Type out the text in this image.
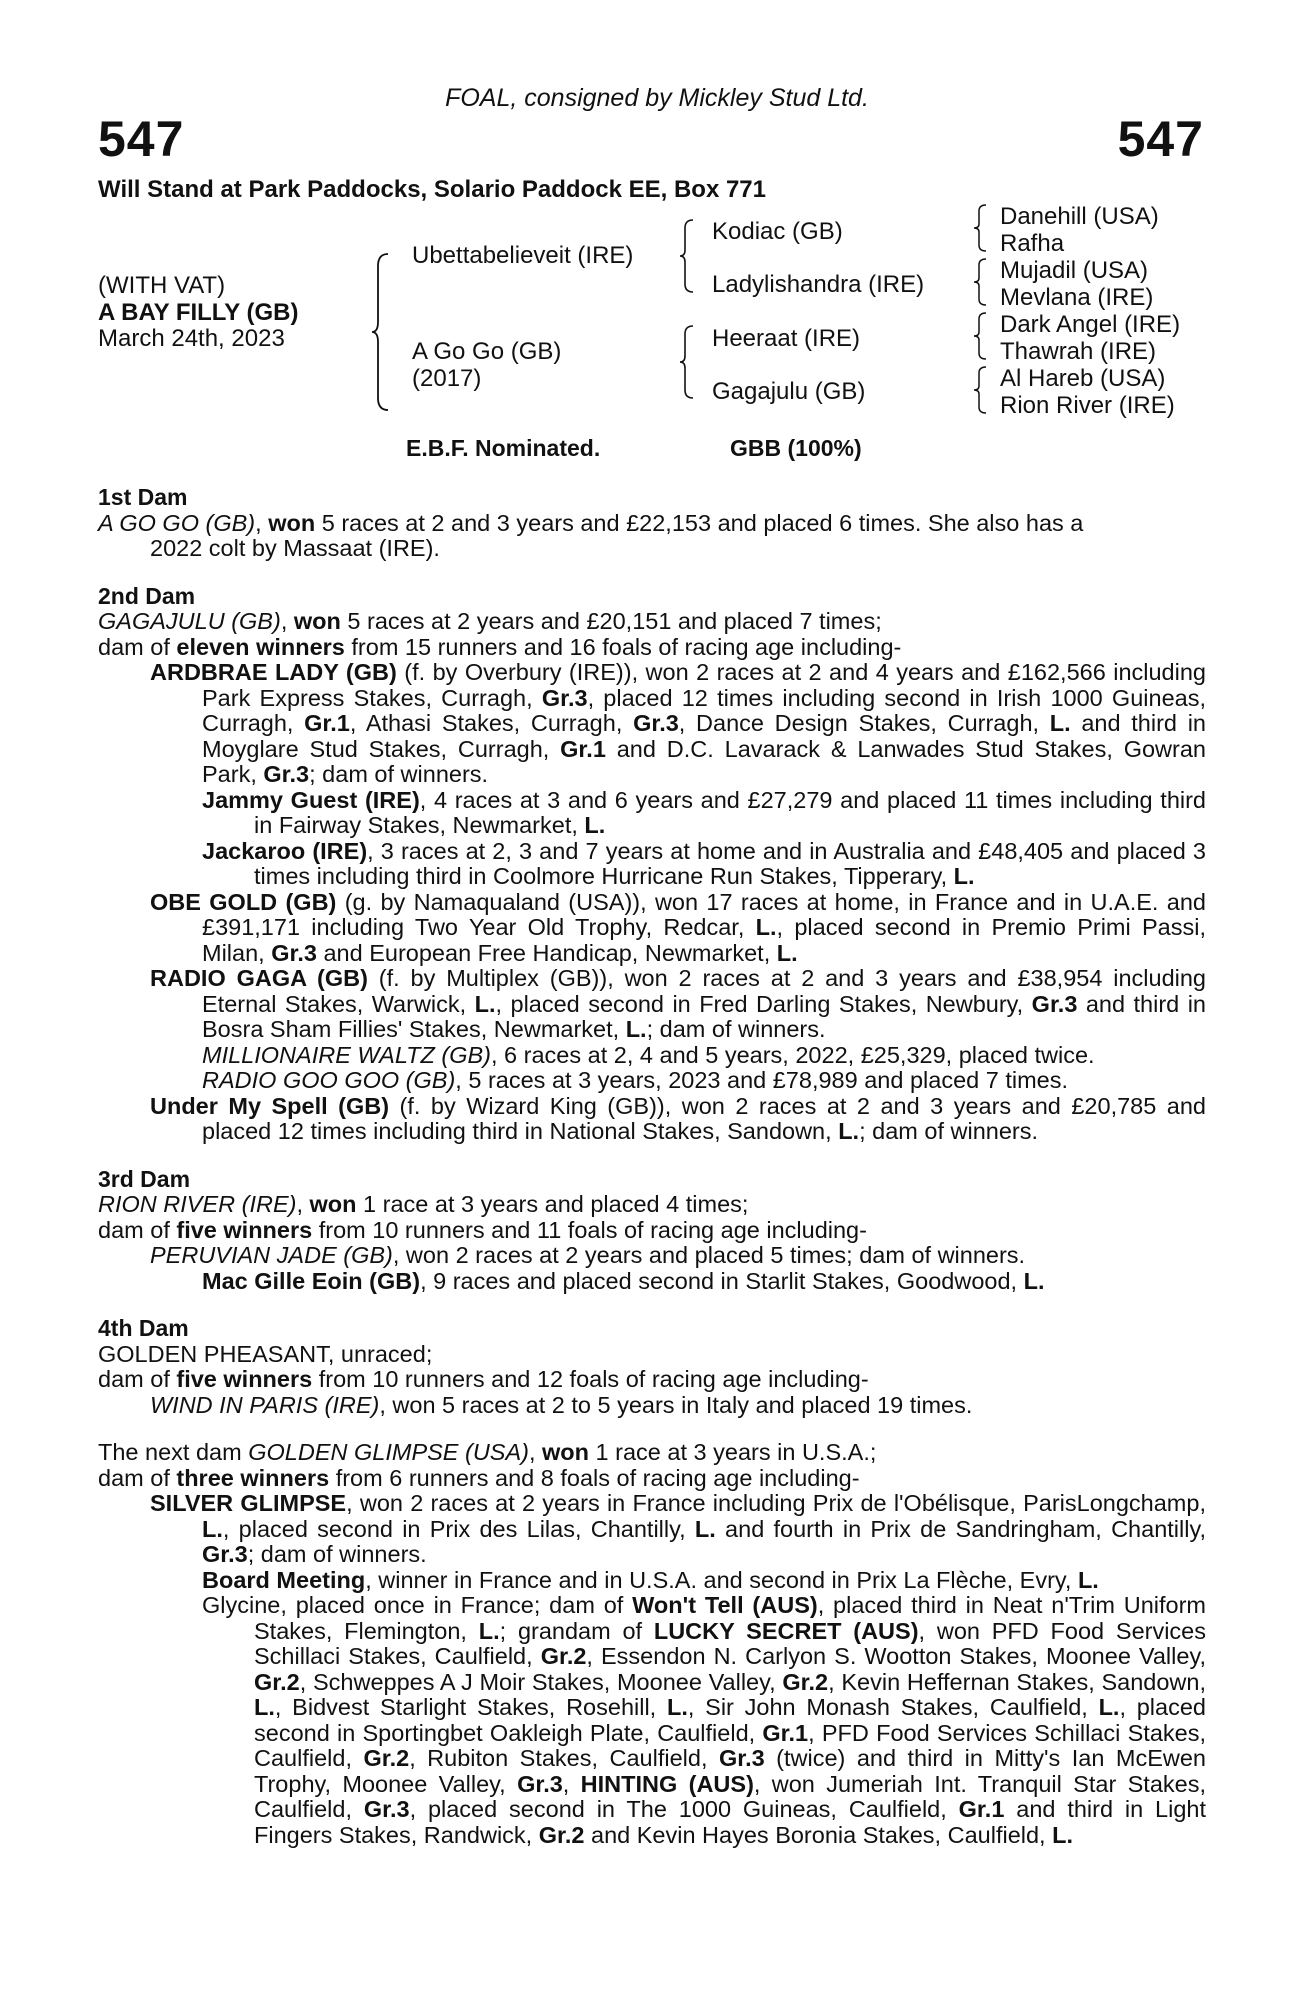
FOAL, consigned by Mickley Stud Ltd.
547	547
Will Stand at Park Paddocks, Solario Paddock EE, Box 771
(WITH VAT)
A BAY FILLY (GB)
March 24th, 2023
Ubettabelieveit (IRE)
A Go Go (GB)
(2017)
Kodiac (GB)
Ladylishandra (IRE)
Heeraat (IRE)
Gagajulu (GB)
Danehill (USA)
Rafha
Mujadil (USA)
Mevlana (IRE)
Dark Angel (IRE)
Thawrah (IRE)
Al Hareb (USA)
Rion River (IRE)
E.B.F. Nominated.	GBB (100%)
1st Dam

A GO GO (GB), won 5 races at 2 and 3 years and £22,153 and placed 6 times. She also has a
2022 colt by Massaat (IRE).

2nd Dam

GAGAJULU (GB), won 5 races at 2 years and £20,151 and placed 7 times;
dam of eleven winners from 15 runners and 16 foals of racing age including-

ARDBRAE LADY (GB) (f. by Overbury (IRE)), won 2 races at 2 and 4 years and £162,566 including Park Express Stakes, Curragh, Gr.3, placed 12 times including second in Irish 1000 Guineas, Curragh, Gr.1, Athasi Stakes, Curragh, Gr.3, Dance Design Stakes, Curragh, L. and third in Moyglare Stud Stakes, Curragh, Gr.1 and D.C. Lavarack & Lanwades Stud Stakes, Gowran Park, Gr.3; dam of winners.

Jammy Guest (IRE), 4 races at 3 and 6 years and £27,279 and placed 11 times including third in Fairway Stakes, Newmarket, L.

Jackaroo (IRE), 3 races at 2, 3 and 7 years at home and in Australia and £48,405 and placed 3 times including third in Coolmore Hurricane Run Stakes, Tipperary, L.

OBE GOLD (GB) (g. by Namaqualand (USA)), won 17 races at home, in France and in U.A.E. and £391,171 including Two Year Old Trophy, Redcar, L., placed second in Premio Primi Passi, Milan, Gr.3 and European Free Handicap, Newmarket, L.

RADIO GAGA (GB) (f. by Multiplex (GB)), won 2 races at 2 and 3 years and £38,954 including Eternal Stakes, Warwick, L., placed second in Fred Darling Stakes, Newbury, Gr.3 and third in Bosra Sham Fillies' Stakes, Newmarket, L.; dam of winners.

MILLIONAIRE WALTZ (GB), 6 races at 2, 4 and 5 years, 2022, £25,329, placed twice.

RADIO GOO GOO (GB), 5 races at 3 years, 2023 and £78,989 and placed 7 times.

Under My Spell (GB) (f. by Wizard King (GB)), won 2 races at 2 and 3 years and £20,785 and placed 12 times including third in National Stakes, Sandown, L.; dam of winners.

3rd Dam

RION RIVER (IRE), won 1 race at 3 years and placed 4 times;
dam of five winners from 10 runners and 11 foals of racing age including-

PERUVIAN JADE (GB), won 2 races at 2 years and placed 5 times; dam of winners.

Mac Gille Eoin (GB), 9 races and placed second in Starlit Stakes, Goodwood, L.

4th Dam

GOLDEN PHEASANT, unraced;
dam of five winners from 10 runners and 12 foals of racing age including-

WIND IN PARIS (IRE), won 5 races at 2 to 5 years in Italy and placed 19 times.

The next dam GOLDEN GLIMPSE (USA), won 1 race at 3 years in U.S.A.;
dam of three winners from 6 runners and 8 foals of racing age including-

SILVER GLIMPSE, won 2 races at 2 years in France including Prix de l'Obélisque, ParisLongchamp, L., placed second in Prix des Lilas, Chantilly, L. and fourth in Prix de Sandringham, Chantilly, Gr.3; dam of winners.

Board Meeting, winner in France and in U.S.A. and second in Prix La Flèche, Evry, L.

Glycine, placed once in France; dam of Won't Tell (AUS), placed third in Neat n'Trim Uniform Stakes, Flemington, L.; grandam of LUCKY SECRET (AUS), won PFD Food Services Schillaci Stakes, Caulfield, Gr.2, Essendon N. Carlyon S. Wootton Stakes, Moonee Valley, Gr.2, Schweppes A J Moir Stakes, Moonee Valley, Gr.2, Kevin Heffernan Stakes, Sandown, L., Bidvest Starlight Stakes, Rosehill, L., Sir John Monash Stakes, Caulfield, L., placed second in Sportingbet Oakleigh Plate, Caulfield, Gr.1, PFD Food Services Schillaci Stakes, Caulfield, Gr.2, Rubiton Stakes, Caulfield, Gr.3 (twice) and third in Mitty's Ian McEwen Trophy, Moonee Valley, Gr.3, HINTING (AUS), won Jumeriah Int. Tranquil Star Stakes, Caulfield, Gr.3, placed second in The 1000 Guineas, Caulfield, Gr.1 and third in Light Fingers Stakes, Randwick, Gr.2 and Kevin Hayes Boronia Stakes, Caulfield, L.
